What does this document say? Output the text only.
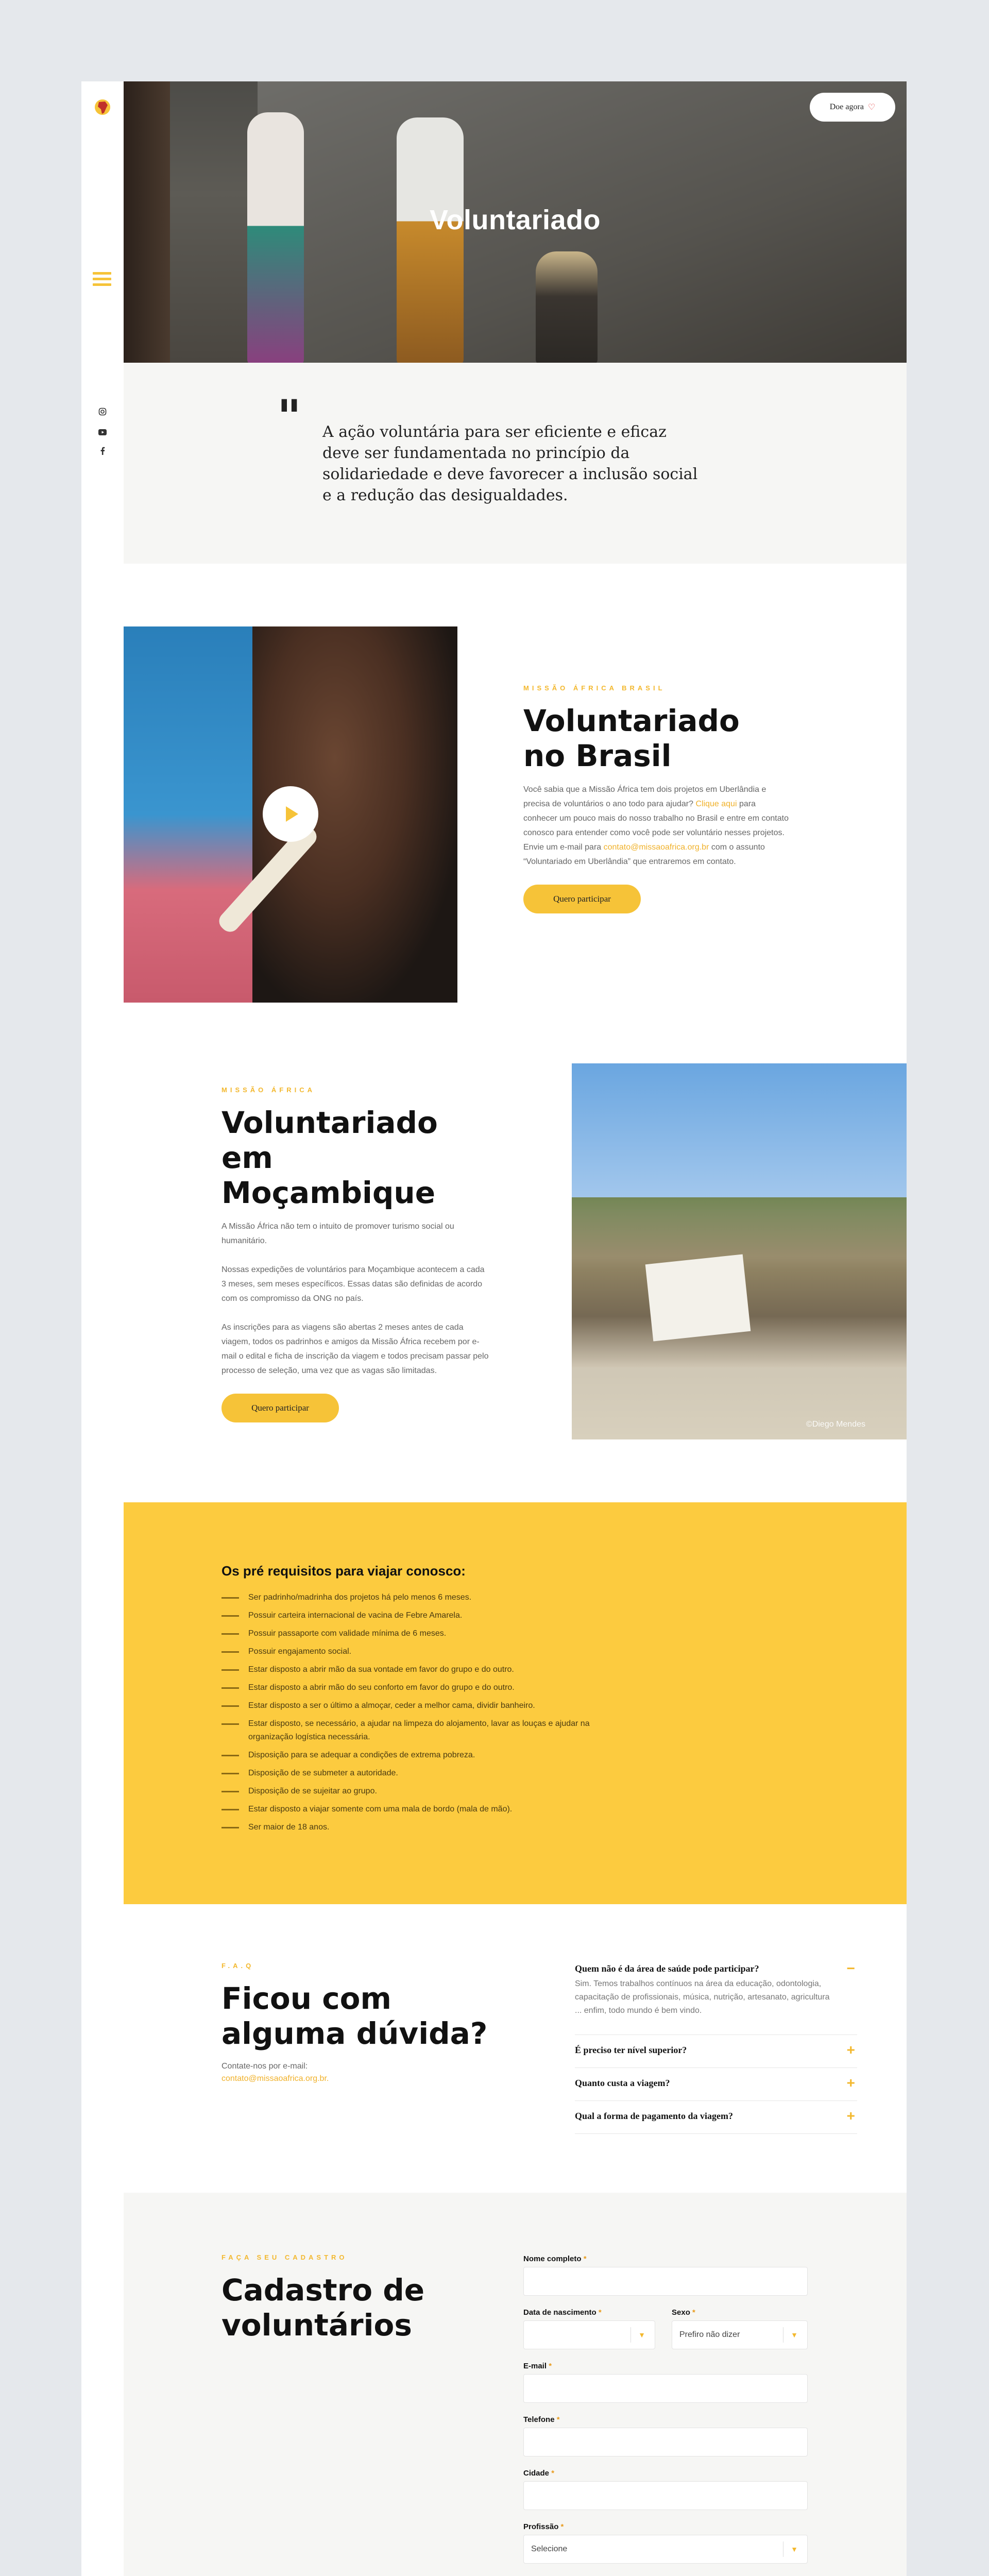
Voluntariado
Doe agora ♡
" A ação voluntária para ser eficiente e eficaz deve ser fundamentada no princípio da solidariedade e deve favorecer a inclusão social e a redução das desigualdades.

MISSÃO ÁFRICA BRASIL
Voluntariado
no Brasil

Você sabia que a Missão África tem dois projetos em Uberlândia e precisa de voluntários o ano todo para ajudar? Clique aqui para conhecer um pouco mais do nosso trabalho no Brasil e entre em contato conosco para entender como você pode ser voluntário nesses projetos. Envie um e-mail para contato@missaoafrica.org.br com o assunto “Voluntariado em Uberlândia” que entraremos em contato.

Quero participar
MISSÃO ÁFRICA
Voluntariado
em Moçambique

A Missão África não tem o intuito de promover turismo social ou humanitário.

Nossas expedições de voluntários para Moçambique acontecem a cada 3 meses, sem meses específicos. Essas datas são definidas de acordo com os compromisso da ONG no país.

As inscrições para as viagens são abertas 2 meses antes de cada viagem, todos os padrinhos e amigos da Missão África recebem por e-mail o edital e ficha de inscrição da viagem e todos precisam passar pelo processo de seleção, uma vez que as vagas são limitadas.

Quero participar
©Diego Mendes
Os pré requisitos para viajar conosco:
Ser padrinho/madrinha dos projetos há pelo menos 6 meses.
Possuir carteira internacional de vacina de Febre Amarela.
Possuir passaporte com validade mínima de 6 meses.
Possuir engajamento social.
Estar disposto a abrir mão da sua vontade em favor do grupo e do outro.
Estar disposto a abrir mão do seu conforto em favor do grupo e do outro.
Estar disposto a ser o último a almoçar, ceder a melhor cama, dividir banheiro.
Estar disposto, se necessário, a ajudar na limpeza do alojamento, lavar as louças e ajudar na organização logística necessária.
Disposição para se adequar a condições de extrema pobreza.
Disposição de se submeter a autoridade.
Disposição de se sujeitar ao grupo.
Estar disposto a viajar somente com uma mala de bordo (mala de mão).
Ser maior de 18 anos.
F.A.Q
Ficou com
alguma dúvida?

Contate-nos por e-mail:
contato@missaoafrica.org.br.

Quem não é da área de saúde pode participar?	−
Sim. Temos trabalhos contínuos na área da educação, odontologia, capacitação de profissionais, música, nutrição, artesanato, agricultura ... enfim, todo mundo é bem vindo.
É preciso ter nível superior?	+
Quanto custa a viagem?	+
Qual a forma de pagamento da viagem?	+
FAÇA SEU CADASTRO
Cadastro de
voluntários
Nome completo *
Data de nascimento *
▼
Sexo *
Prefiro não dizer	▼
E-mail *
Telefone *
Cidade *
Profissão *
Selecione	▼
